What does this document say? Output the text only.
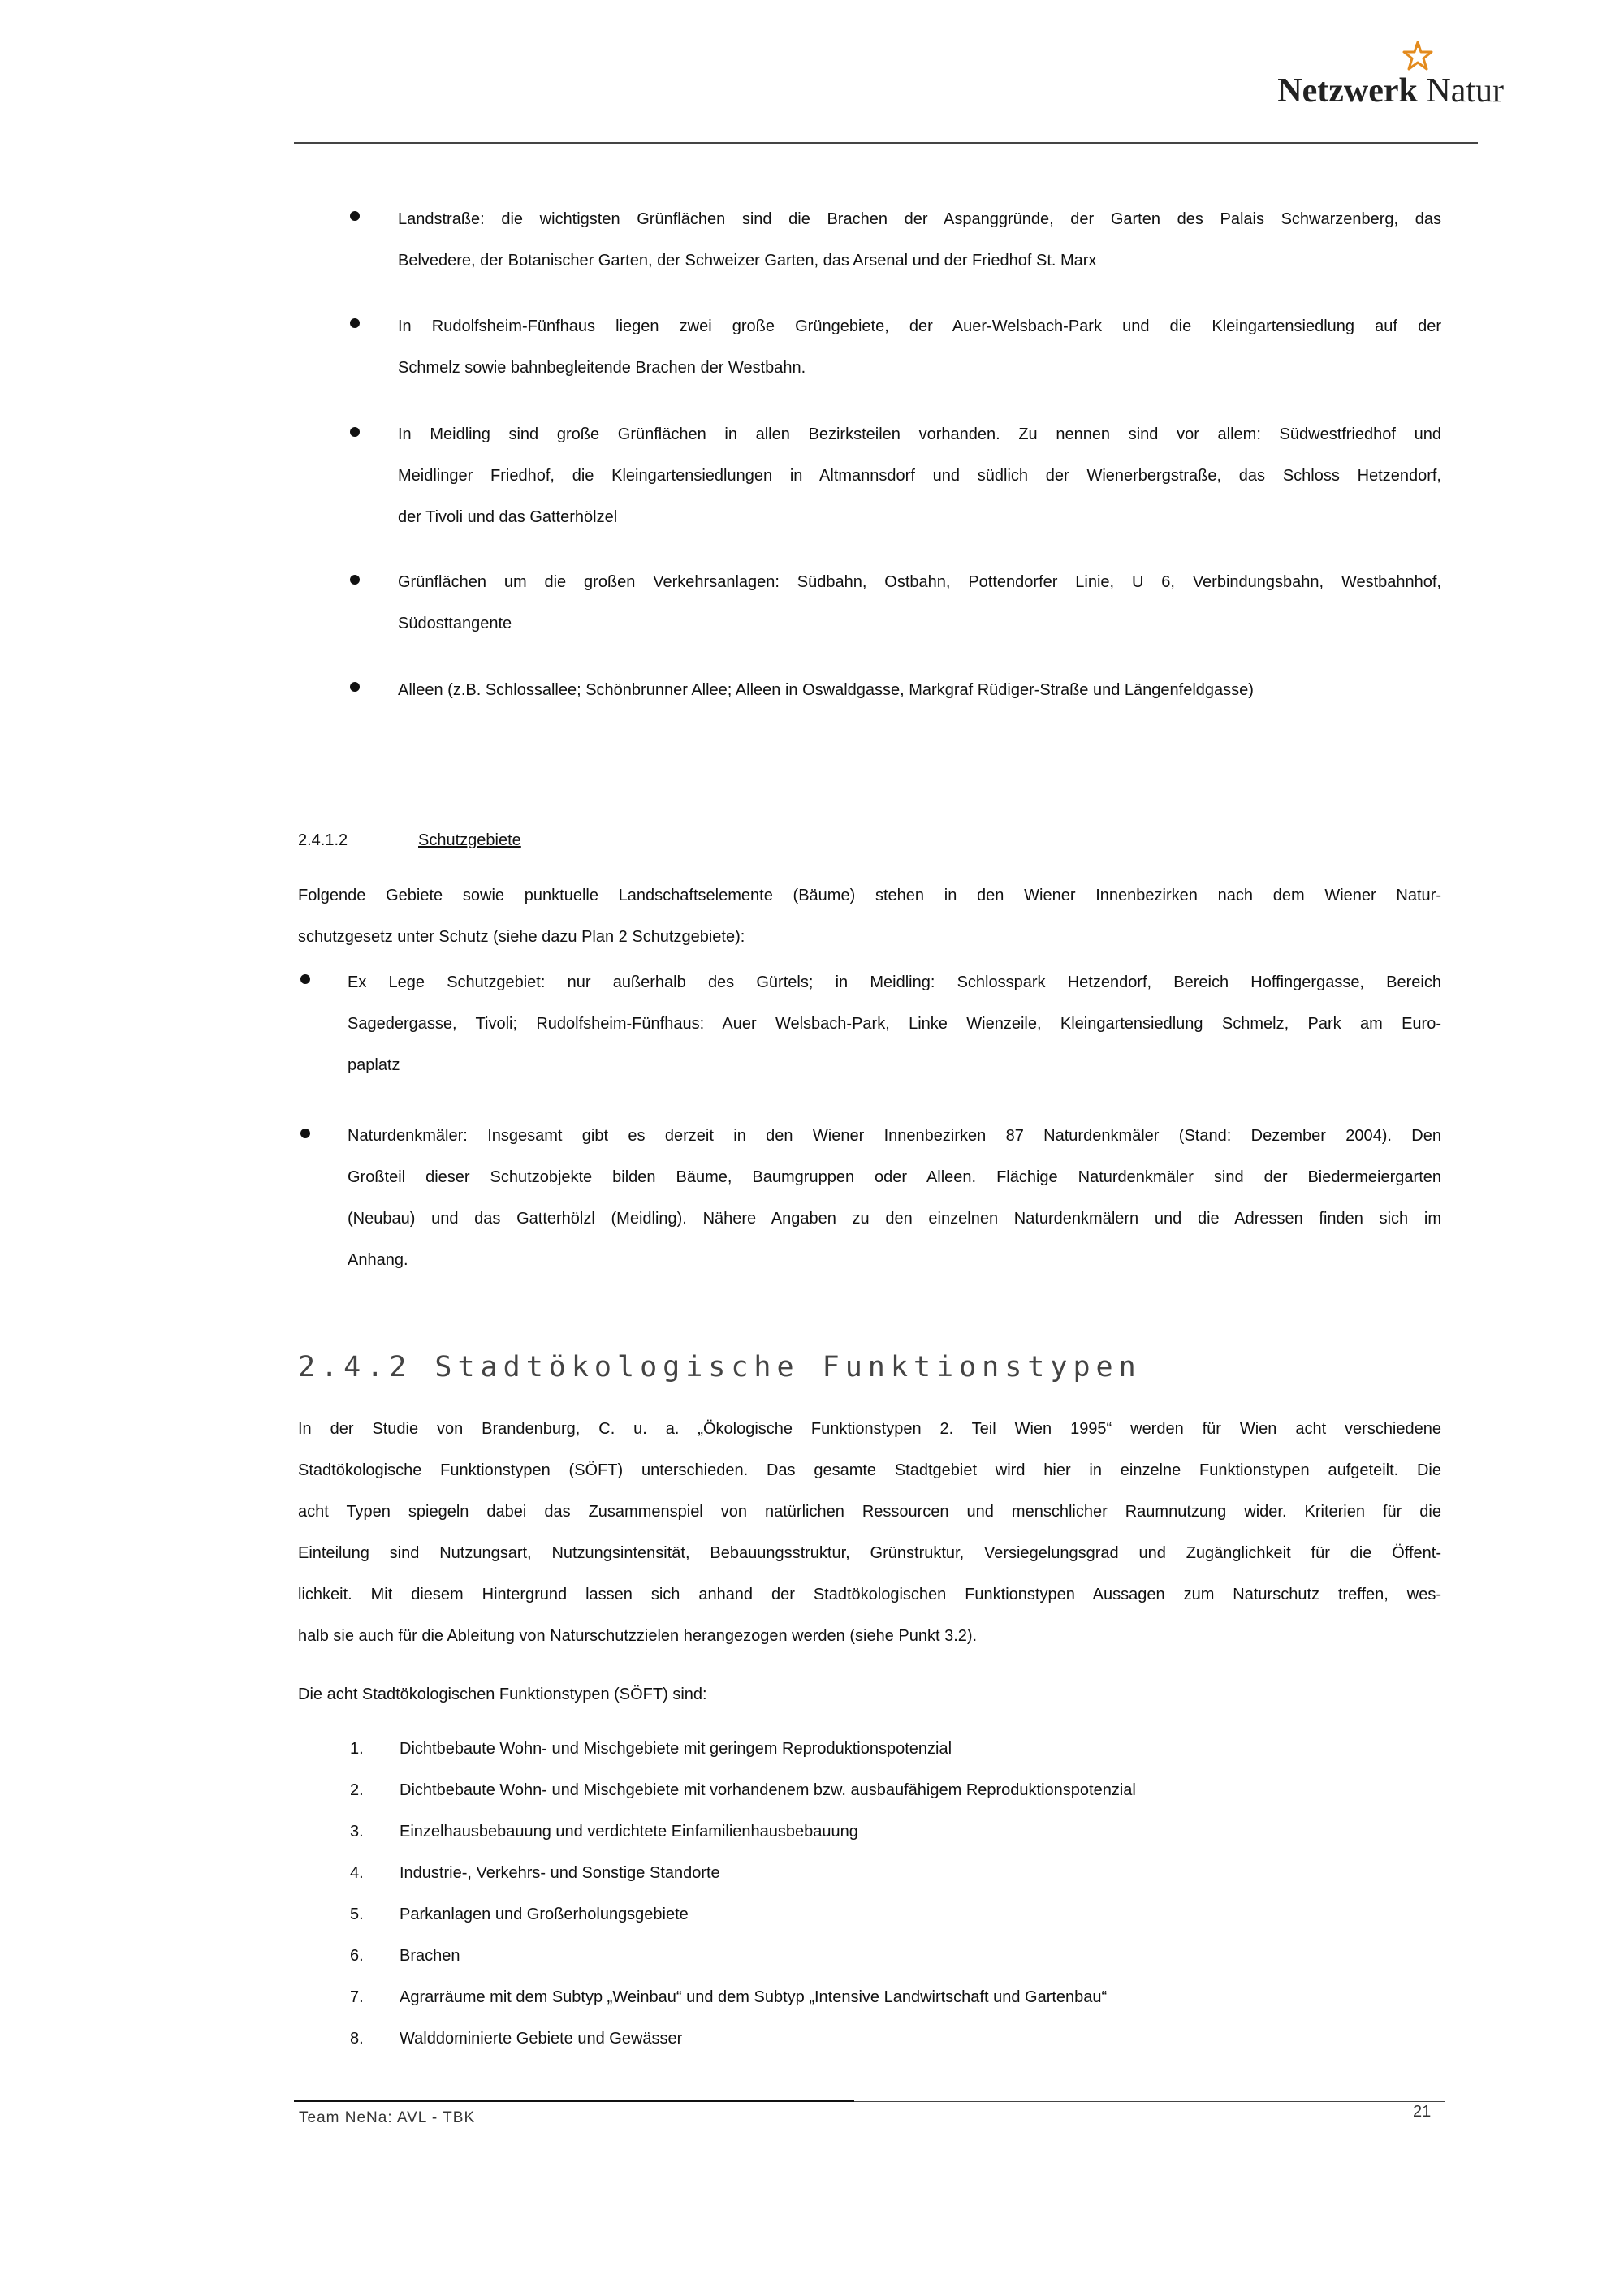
Netzwerk Natur
Landstraße: die wichtigsten Grünflächen sind die Brachen der Aspanggründe, der Garten des Palais Schwarzenberg, das
Belvedere, der Botanischer Garten, der Schweizer Garten, das Arsenal und der Friedhof St. Marx
In Rudolfsheim-Fünfhaus liegen zwei große Grüngebiete, der Auer-Welsbach-Park und die Kleingartensiedlung auf der
Schmelz sowie bahnbegleitende Brachen der Westbahn.
In Meidling sind große Grünflächen in allen Bezirksteilen vorhanden. Zu nennen sind vor allem: Südwestfriedhof und
Meidlinger Friedhof, die Kleingartensiedlungen in Altmannsdorf und südlich der Wienerbergstraße, das Schloss Hetzendorf,
der Tivoli und das Gatterhölzel
Grünflächen um die großen Verkehrsanlagen: Südbahn, Ostbahn, Pottendorfer Linie, U 6, Verbindungsbahn, Westbahnhof,
Südosttangente
Alleen (z.B. Schlossallee; Schönbrunner Allee; Alleen in Oswaldgasse, Markgraf Rüdiger-Straße und Längenfeldgasse)
2.4.1.2	Schutzgebiete
Folgende Gebiete sowie punktuelle Landschaftselemente (Bäume) stehen in den Wiener Innenbezirken nach dem Wiener Natur-
schutzgesetz unter Schutz (siehe dazu Plan 2 Schutzgebiete):
Ex Lege Schutzgebiet: nur außerhalb des Gürtels; in Meidling: Schlosspark Hetzendorf, Bereich Hoffingergasse, Bereich
Sagedergasse, Tivoli; Rudolfsheim-Fünfhaus: Auer Welsbach-Park, Linke Wienzeile, Kleingartensiedlung Schmelz, Park am Euro-
paplatz
Naturdenkmäler: Insgesamt gibt es derzeit in den Wiener Innenbezirken 87 Naturdenkmäler (Stand: Dezember 2004). Den
Großteil dieser Schutzobjekte bilden Bäume, Baumgruppen oder Alleen. Flächige Naturdenkmäler sind der Biedermeiergarten
(Neubau) und das Gatterhölzl (Meidling). Nähere Angaben zu den einzelnen Naturdenkmälern und die Adressen finden sich im
Anhang.
2.4.2 Stadtökologische Funktionstypen
In der Studie von Brandenburg, C. u. a. „Ökologische Funktionstypen 2. Teil Wien 1995“ werden für Wien acht verschiedene
Stadtökologische Funktionstypen (SÖFT) unterschieden. Das gesamte Stadtgebiet wird hier in einzelne Funktionstypen aufgeteilt. Die
acht Typen spiegeln dabei das Zusammenspiel von natürlichen Ressourcen und menschlicher Raumnutzung wider. Kriterien für die
Einteilung sind Nutzungsart, Nutzungsintensität, Bebauungsstruktur, Grünstruktur, Versiegelungsgrad und Zugänglichkeit für die Öffent-
lichkeit. Mit diesem Hintergrund lassen sich anhand der Stadtökologischen Funktionstypen Aussagen zum Naturschutz treffen, wes-
halb sie auch für die Ableitung von Naturschutzzielen herangezogen werden (siehe Punkt 3.2).
Die acht Stadtökologischen Funktionstypen (SÖFT) sind:
1. Dichtbebaute Wohn- und Mischgebiete mit geringem Reproduktionspotenzial
2. Dichtbebaute Wohn- und Mischgebiete mit vorhandenem bzw. ausbaufähigem Reproduktionspotenzial
3. Einzelhausbebauung und verdichtete Einfamilienhausbebauung
4. Industrie-, Verkehrs- und Sonstige Standorte
5. Parkanlagen und Großerholungsgebiete
6. Brachen
7. Agrarräume mit dem Subtyp „Weinbau“ und dem Subtyp „Intensive Landwirtschaft und Gartenbau“
8. Walddominierte Gebiete und Gewässer
Team NeNa: AVL - TBK	21
